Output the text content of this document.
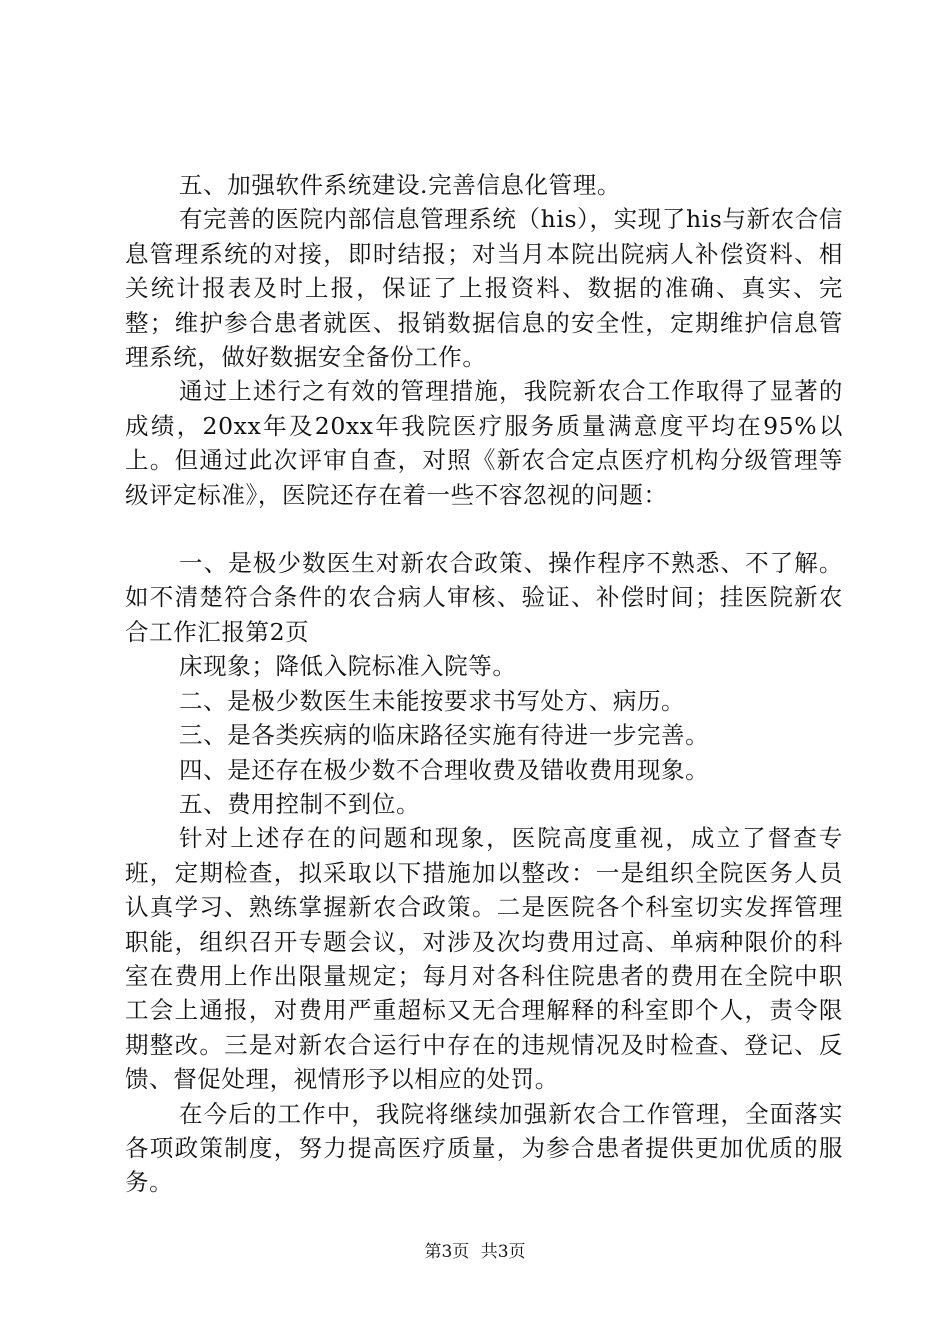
五、加强软件系统建设.完善信息化管理。

有完善的医院内部信息管理系统（his），实现了his与新农合信息管理系统的对接，即时结报；对当月本院出院病人补偿资料、相关统计报表及时上报，保证了上报资料、数据的准确、真实、完整；维护参合患者就医、报销数据信息的安全性，定期维护信息管理系统，做好数据安全备份工作。

通过上述行之有效的管理措施，我院新农合工作取得了显著的成绩，20xx年及20xx年我院医疗服务质量满意度平均在95%以上。但通过此次评审自查，对照《新农合定点医疗机构分级管理等级评定标准》，医院还存在着一些不容忽视的问题：

一、是极少数医生对新农合政策、操作程序不熟悉、不了解。如不清楚符合条件的农合病人审核、验证、补偿时间；挂医院新农合工作汇报第2页

床现象；降低入院标准入院等。

二、是极少数医生未能按要求书写处方、病历。

三、是各类疾病的临床路径实施有待进一步完善。

四、是还存在极少数不合理收费及错收费用现象。

五、费用控制不到位。

针对上述存在的问题和现象，医院高度重视，成立了督查专班，定期检查，拟采取以下措施加以整改：一是组织全院医务人员认真学习、熟练掌握新农合政策。二是医院各个科室切实发挥管理职能，组织召开专题会议，对涉及次均费用过高、单病种限价的科室在费用上作出限量规定；每月对各科住院患者的费用在全院中职工会上通报，对费用严重超标又无合理解释的科室即个人，责令限期整改。三是对新农合运行中存在的违规情况及时检查、登记、反馈、督促处理，视情形予以相应的处罚。

在今后的工作中，我院将继续加强新农合工作管理，全面落实各项政策制度，努力提高医疗质量，为参合患者提供更加优质的服务。

第3页 共3页
